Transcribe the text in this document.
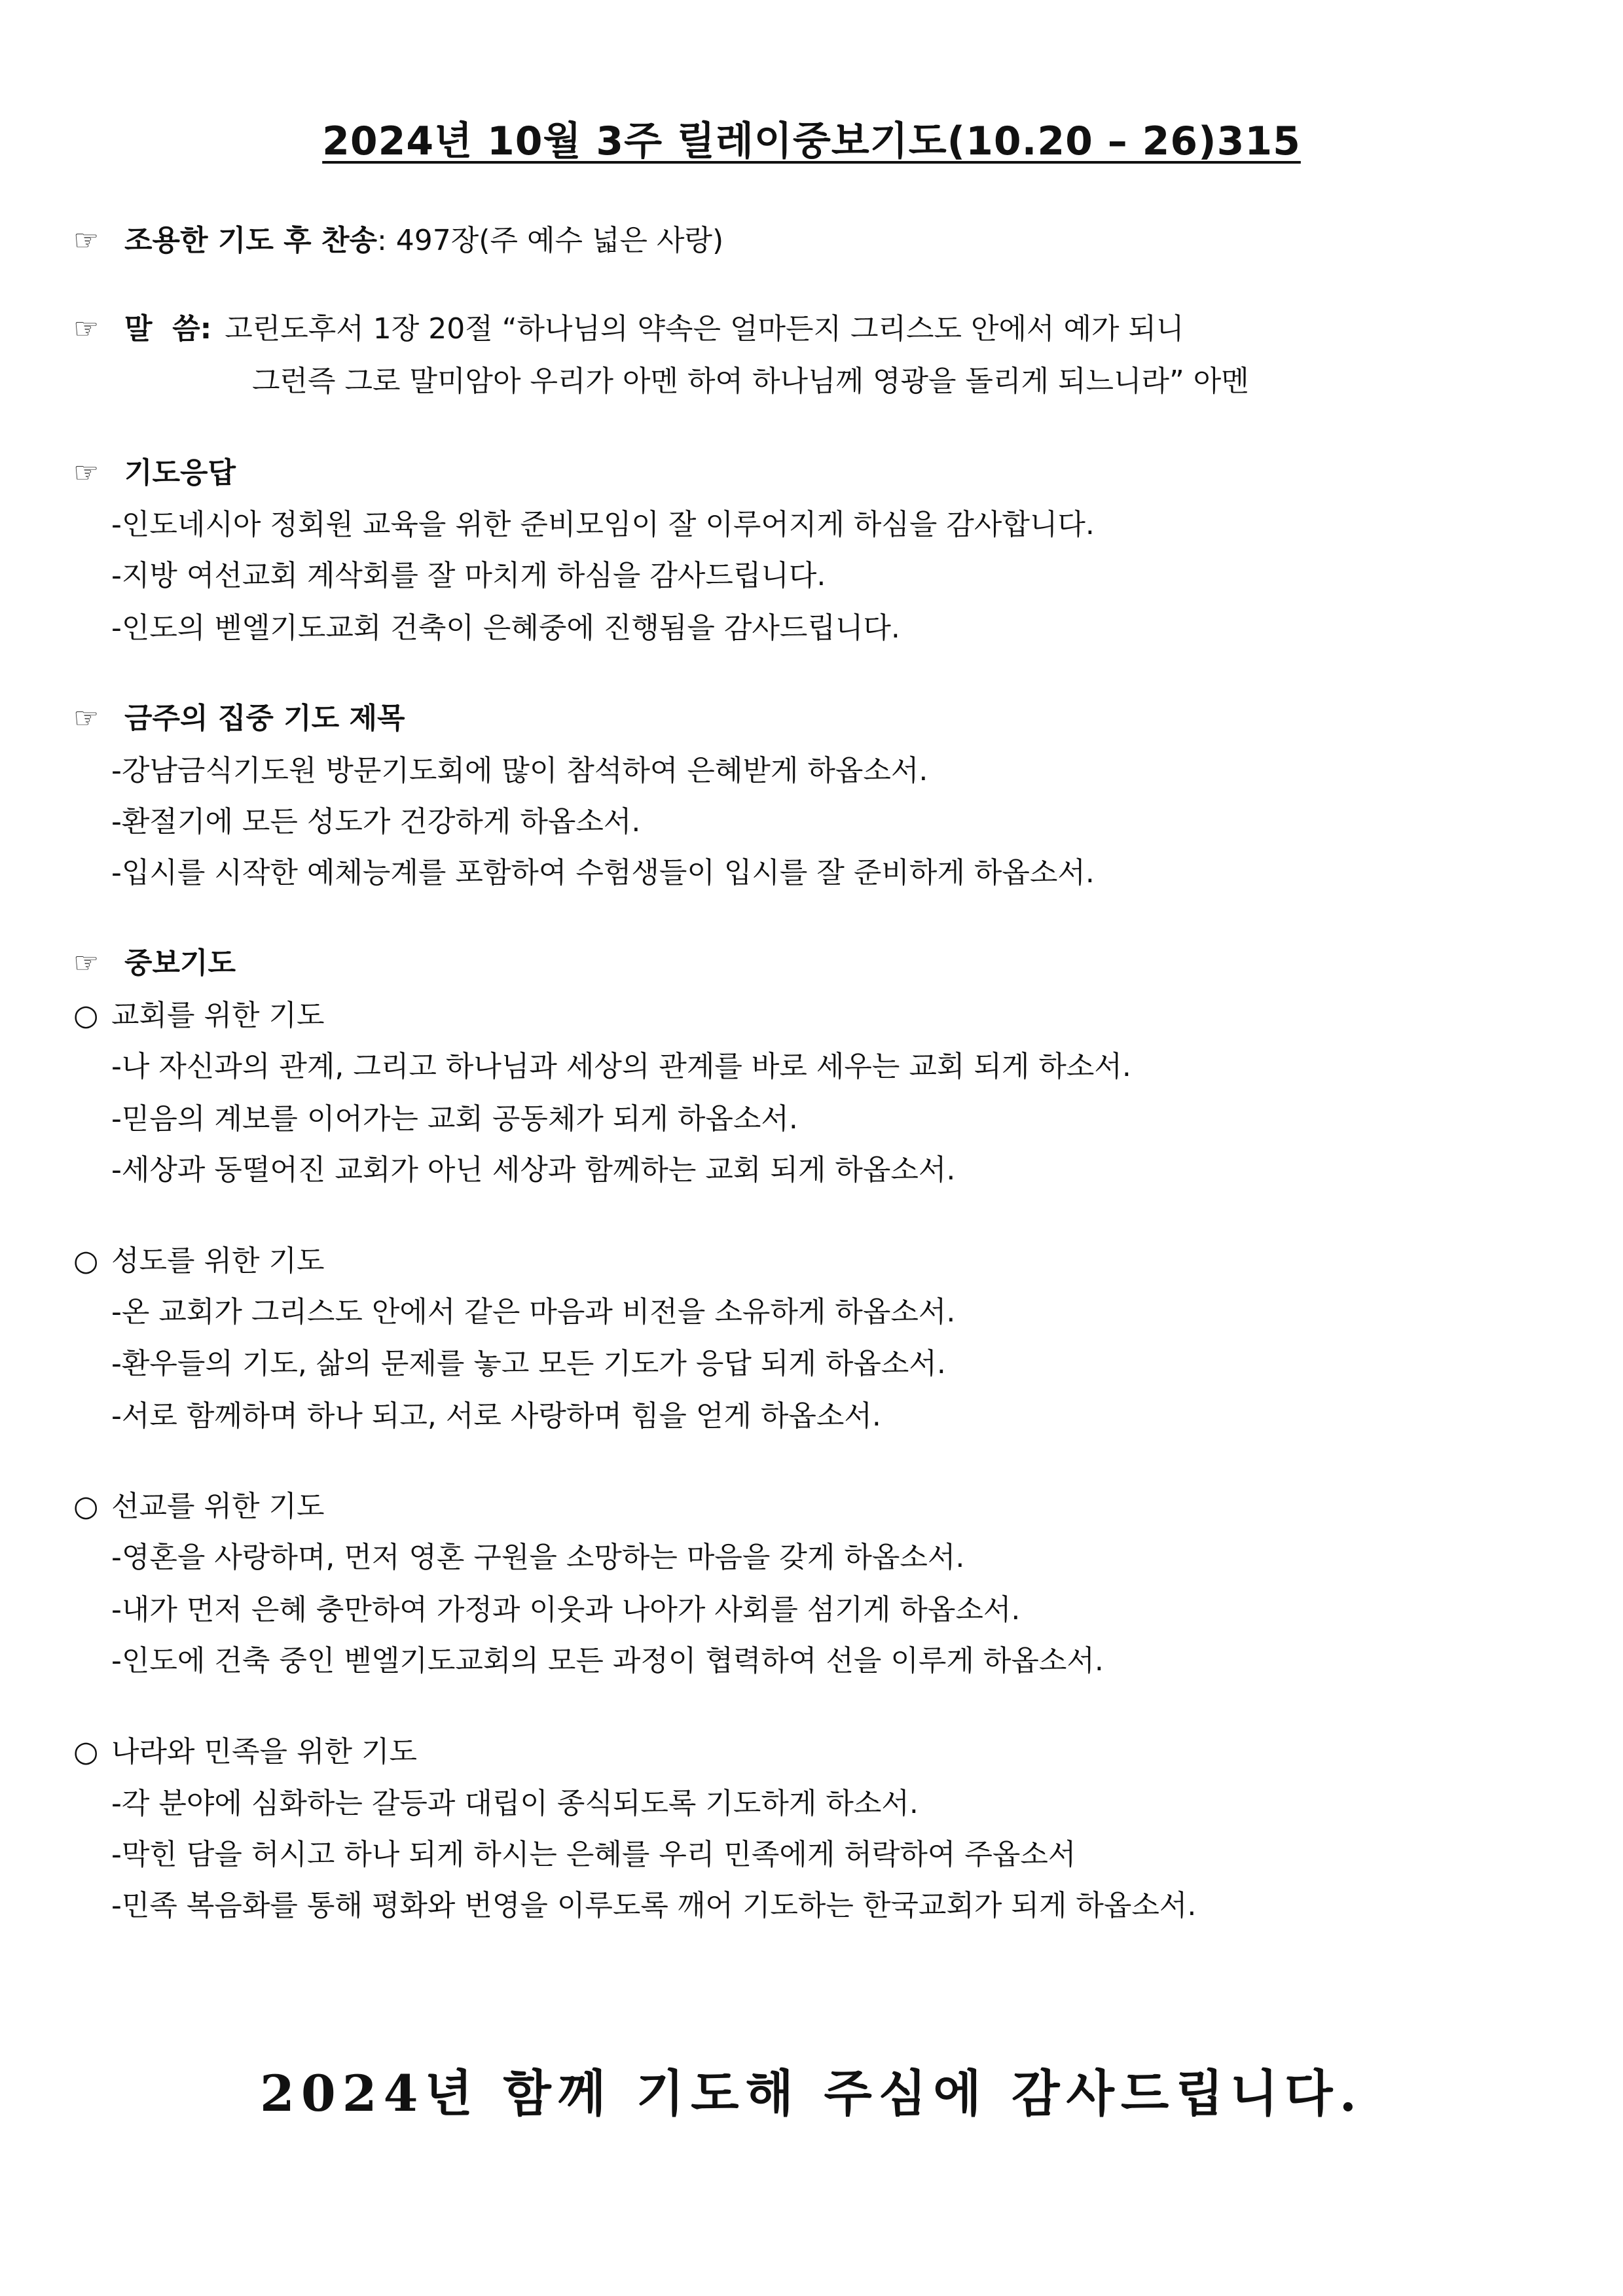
2024년 10월 3주 릴레이중보기도(10.20 – 26)315
☞ 조용한 기도 후 찬송: 497장(주 예수 넓은 사랑)
☞ 말  씀: 고린도후서 1장 20절 “하나님의 약속은 얼마든지 그리스도 안에서 예가 되니
그런즉 그로 말미암아 우리가 아멘 하여 하나님께 영광을 돌리게 되느니라” 아멘
☞ 기도응답
-인도네시아 정회원 교육을 위한 준비모임이 잘 이루어지게 하심을 감사합니다.
-지방 여선교회 계삭회를 잘 마치게 하심을 감사드립니다.
-인도의 벧엘기도교회 건축이 은혜중에 진행됨을 감사드립니다.
☞ 금주의 집중 기도 제목
-강남금식기도원 방문기도회에 많이 참석하여 은혜받게 하옵소서.
-환절기에 모든 성도가 건강하게 하옵소서.
-입시를 시작한 예체능계를 포함하여 수험생들이 입시를 잘 준비하게 하옵소서.
☞ 중보기도
○ 교회를 위한 기도
-나 자신과의 관계, 그리고 하나님과 세상의 관계를 바로 세우는 교회 되게 하소서.
-믿음의 계보를 이어가는 교회 공동체가 되게 하옵소서.
-세상과 동떨어진 교회가 아닌 세상과 함께하는 교회 되게 하옵소서.
○ 성도를 위한 기도
-온 교회가 그리스도 안에서 같은 마음과 비전을 소유하게 하옵소서.
-환우들의 기도, 삶의 문제를 놓고 모든 기도가 응답 되게 하옵소서.
-서로 함께하며 하나 되고, 서로 사랑하며 힘을 얻게 하옵소서.
○ 선교를 위한 기도
-영혼을 사랑하며, 먼저 영혼 구원을 소망하는 마음을 갖게 하옵소서.
-내가 먼저 은혜 충만하여 가정과 이웃과 나아가 사회를 섬기게 하옵소서.
-인도에 건축 중인 벧엘기도교회의 모든 과정이 협력하여 선을 이루게 하옵소서.
○ 나라와 민족을 위한 기도
-각 분야에 심화하는 갈등과 대립이 종식되도록 기도하게 하소서.
-막힌 담을 허시고 하나 되게 하시는 은혜를 우리 민족에게 허락하여 주옵소서
-민족 복음화를 통해 평화와 번영을 이루도록 깨어 기도하는 한국교회가 되게 하옵소서.
2024년 함께 기도해 주심에 감사드립니다.
